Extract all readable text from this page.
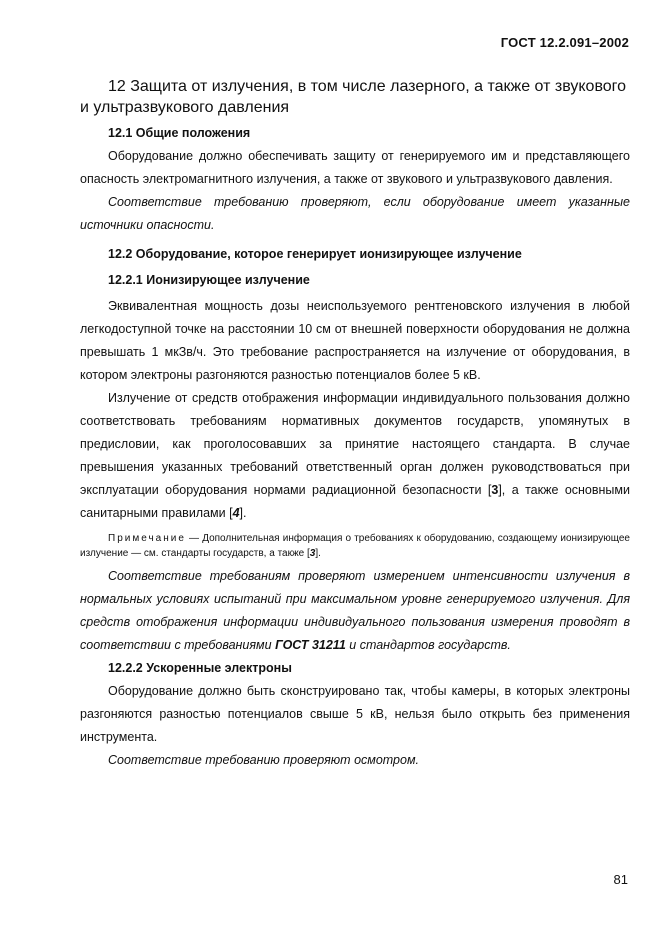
ГОСТ 12.2.091–2002
12 Защита от излучения, в том числе лазерного, а также от звукового и ультразвукового давления
12.1 Общие положения

Оборудование должно обеспечивать защиту от генерируемого им и представляющего опасность электромагнитного излучения, а также от звукового и ультразвукового давления.

Соответствие требованию проверяют, если оборудование имеет указанные источники опасности.

12.2 Оборудование, которое генерирует ионизирующее излучение
12.2.1 Ионизирующее излучение

Эквивалентная мощность дозы неиспользуемого рентгеновского излучения в любой легкодоступной точке на расстоянии 10 см от внешней поверхности оборудования не должна превышать 1 мкЗв/ч. Это требование распространяется на излучение от оборудования, в котором электроны разгоняются разностью потенциалов более 5 кВ.

Излучение от средств отображения информации индивидуального пользования должно соответствовать требованиям нормативных документов государств, упомянутых в предисловии, как проголосовавших за принятие настоящего стандарта. В случае превышения указанных требований ответственный орган должен руководствоваться при эксплуатации оборудования нормами радиационной безопасности [3], а также основными санитарными правилами [4].

Примечание — Дополнительная информация о требованиях к оборудованию, создающему ионизирующее излучение — см. стандарты государств, а также [3].

Соответствие требованиям проверяют измерением интенсивности излучения в нормальных условиях испытаний при максимальном уровне генерируемого излучения. Для средств отображения информации индивидуального пользования измерения проводят в соответствии с требованиями ГОСТ 31211 и стандартов государств.

12.2.2 Ускоренные электроны

Оборудование должно быть сконструировано так, чтобы камеры, в которых электроны разгоняются разностью потенциалов свыше 5 кВ, нельзя было открыть без применения инструмента.

Соответствие требованию проверяют осмотром.

81
